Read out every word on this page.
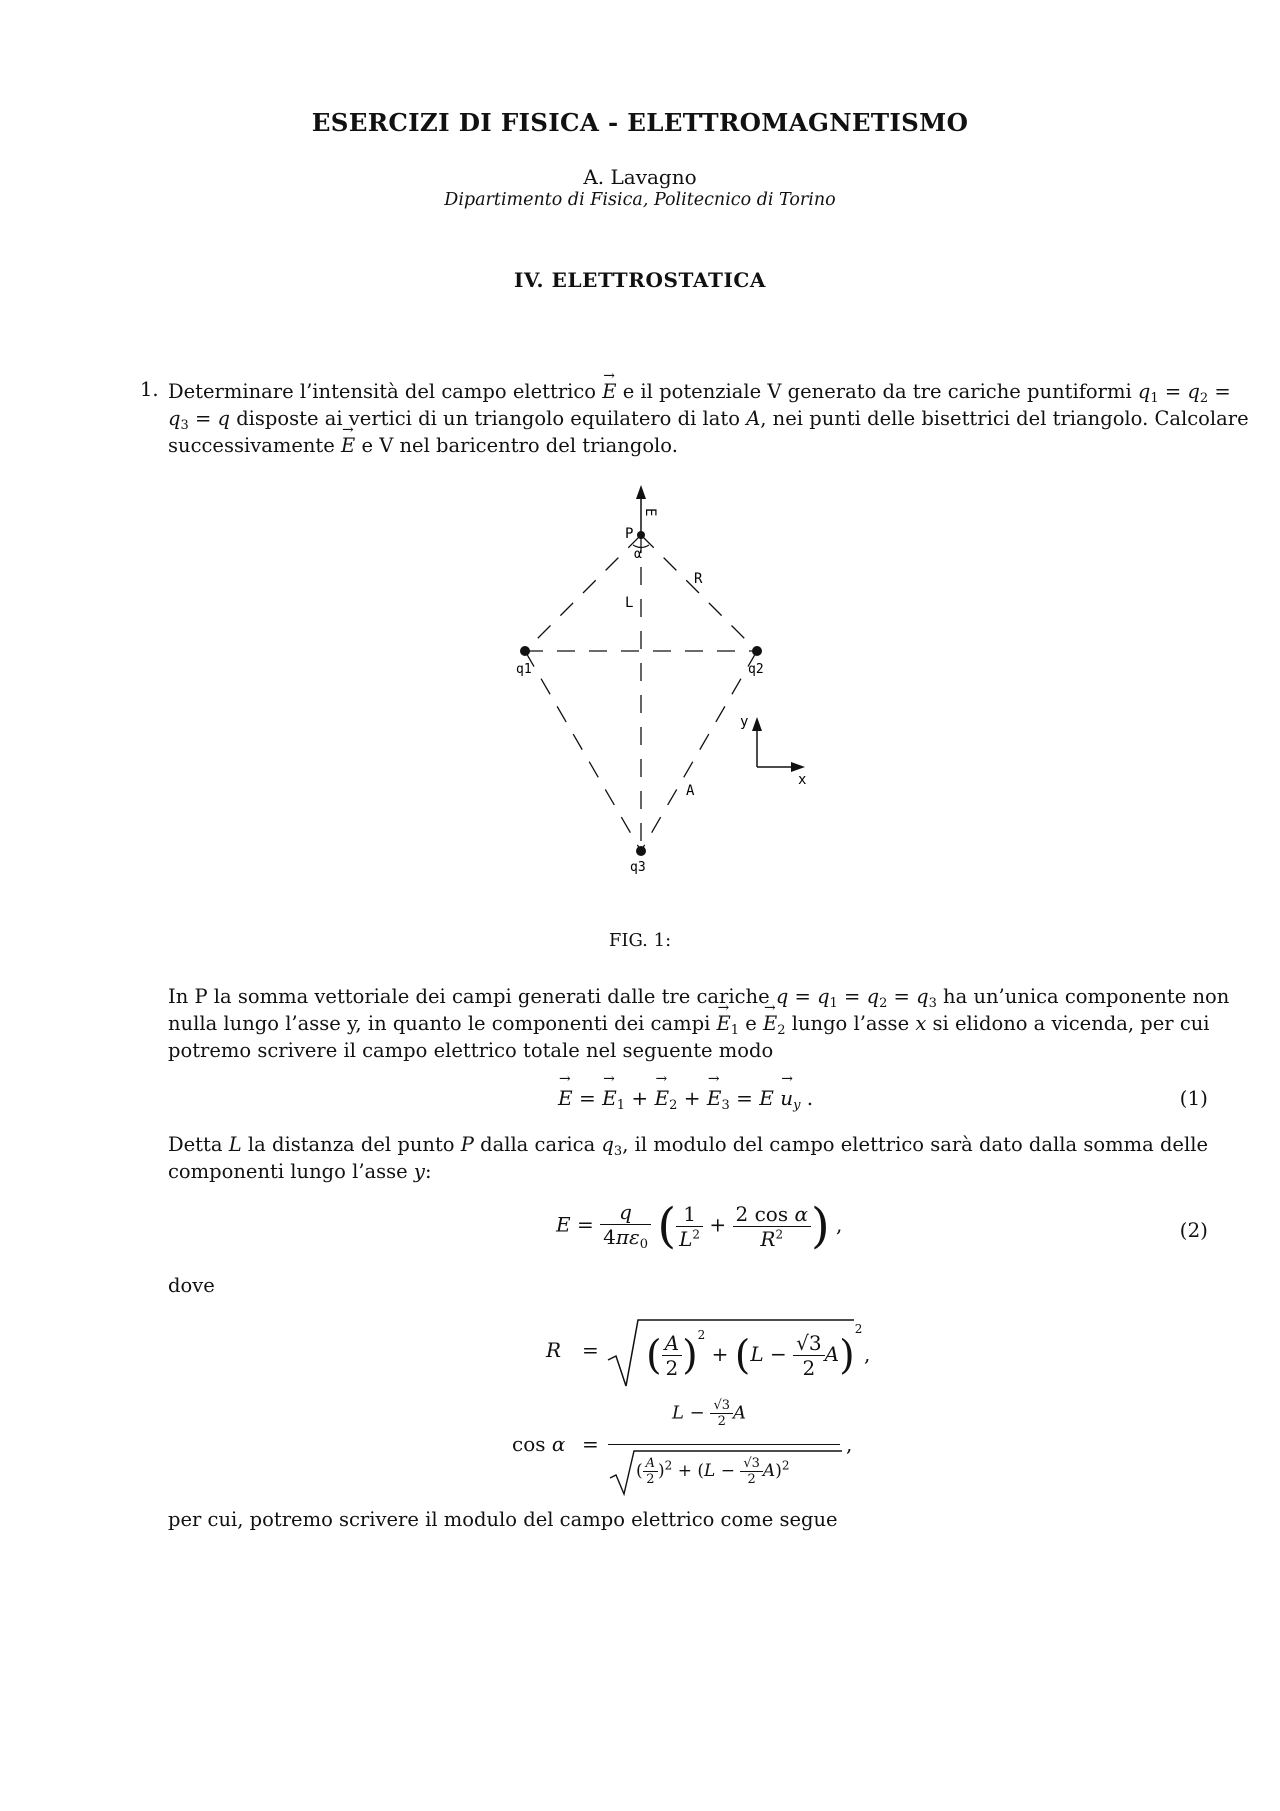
ESERCIZI DI FISICA - ELETTROMAGNETISMO
A. Lavagno
Dipartimento di Fisica, Politecnico di Torino
IV. ELETTROSTATICA
1. Determinare l’intensità del campo elettrico → E e il potenziale V generato da tre cariche puntiformi $q_1 = q_2$ =
$q_3 = q$ disposte ai vertici di un triangolo equilatero di lato A, nei punti delle bisettrici del triangolo. Calcolare
successivamente → E e V nel baricentro del triangolo.
E
P
α
R
L
q1	q2
q3
A
y
x
FIG. 1:
In P la somma vettoriale dei campi generati dalle tre cariche $q = q_1 = q_2 = q_3$ ha un’unica componente non
nulla lungo l’asse y, in quanto le componenti dei campi → $E_1$ $e \to E_2$ lungo l’asse x si elidono a vicenda, per cui
potremo scrivere il campo elettrico totale nel seguente modo
→ E = → $E_1$ + → $E_2$ + → $E_3 = E \to u_y$ .	(1)
Detta L la distanza del punto P dalla carica $q_3$, il modulo del campo elettrico sarà dato dalla somma delle
componenti lungo l’asse y:
$E = \frac{q}{4\pi\varepsilon_0}$ ( $\frac{1}{L^2} + \frac{\text{2 cos α}}{R^2}$ ) ,	(2)
dove
R = ( $\frac{A}{2} )^2 + (L - \frac{√3}{2} A)^2$
,
cos α =
$L - \frac{√3}{2}$ A
( $\frac{A}{2} )^2 + (L - \frac{√3}{2} A)^2$
,
per cui, potremo scrivere il modulo del campo elettrico come segue
